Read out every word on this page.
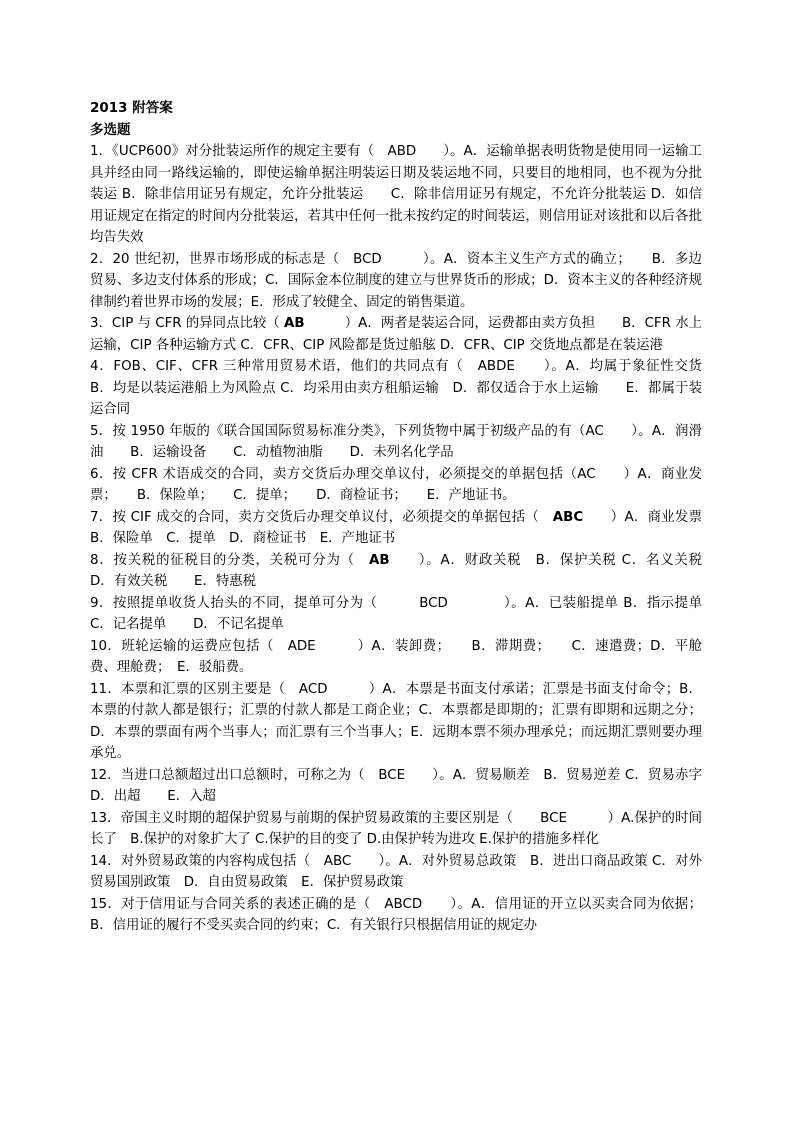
2013 附答案
多选题
1．《UCP600》对分批装运所作的规定主要有（　ABD　　）。A．运输单据表明货物是使用同一运输工具并经由同一路线运输的，即使运输单据注明装运日期及装运地不同，只要目的地相同，也不视为分批装运 B．除非信用证另有规定，允许分批装运　　C．除非信用证另有规定，不允许分批装运 D．如信用证规定在指定的时间内分批装运，若其中任何一批未按约定的时间装运，则信用证对该批和以后各批均告失效
2．20 世纪初，世界市场形成的标志是（　BCD　　　）。A．资本主义生产方式的确立；　　B．多边贸易、多边支付体系的形成；C．国际金本位制度的建立与世界货币的形成；D．资本主义的各种经济规律制约着世界市场的发展；E．形成了较健全、固定的销售渠道。
3．CIP 与 CFR 的异同点比较（ AB　　　）A．两者是装运合同，运费都由卖方负担　　B．CFR 水上运输，CIP 各种运输方式 C．CFR、CIP 风险都是货过船舷 D．CFR、CIP 交货地点都是在装运港
4．FOB、CIF、CFR 三种常用贸易术语，他们的共同点有（　ABDE　　）。A．均属于象征性交货　B．均是以装运港船上为风险点 C．均采用由卖方租船运输　D．都仅适合于水上运输　　E．都属于装运合同
5．按 1950 年版的《联合国国际贸易标准分类》，下列货物中属于初级产品的有（AC　　）。A．润滑油　　B．运输设备　　C．动植物油脂　　D．未列名化学品
6．按 CFR 术语成交的合同，卖方交货后办理交单议付，必须提交的单据包括（AC　　）A．商业发票；　　B．保险单；　　C．提单；　　D．商检证书；　　E．产地证书。
7．按 CIF 成交的合同，卖方交货后办理交单议付，必须提交的单据包括（　ABC　　）A．商业发票　B．保险单　C．提单　D．商检证书　E．产地证书
8．按关税的征税目的分类，关税可分为（　AB　　）。A．财政关税　B．保护关税 C．名义关税　D．有效关税　　E．特惠税
9．按照提单收货人抬头的不同，提单可分为（　　　BCD　　　　）。A．已装船提单 B．指示提单　　C．记名提单　　D．不记名提单
10．班轮运输的运费应包括（　ADE　　　）A．装卸费；　　B．滞期费；　　C．速遣费；D．平舱费、理舱费；　E．驳船费。
11．本票和汇票的区别主要是（　ACD　　　）A．本票是书面支付承诺；汇票是书面支付命令；B．本票的付款人都是银行；汇票的付款人都是工商企业；C．本票都是即期的；汇票有即期和远期之分；D．本票的票面有两个当事人；而汇票有三个当事人；E．远期本票不须办理承兑；而远期汇票则要办理承兑。
12．当进口总额超过出口总额时，可称之为（　BCE　　）。A．贸易顺差　B．贸易逆差 C．贸易赤字　D．出超　　E．入超
13．帝国主义时期的超保护贸易与前期的保护贸易政策的主要区别是（　　BCE　　　）A.保护的时间长了　B.保护的对象扩大了 C.保护的目的变了 D.由保护转为进攻 E.保护的措施多样化
14．对外贸易政策的内容构成包括（　ABC　　）。A．对外贸易总政策　B．进出口商品政策 C．对外贸易国别政策　D．自由贸易政策　E．保护贸易政策
15．对于信用证与合同关系的表述正确的是（　ABCD　　）。A．信用证的开立以买卖合同为依据；B．信用证的履行不受买卖合同的约束；C．有关银行只根据信用证的规定办
